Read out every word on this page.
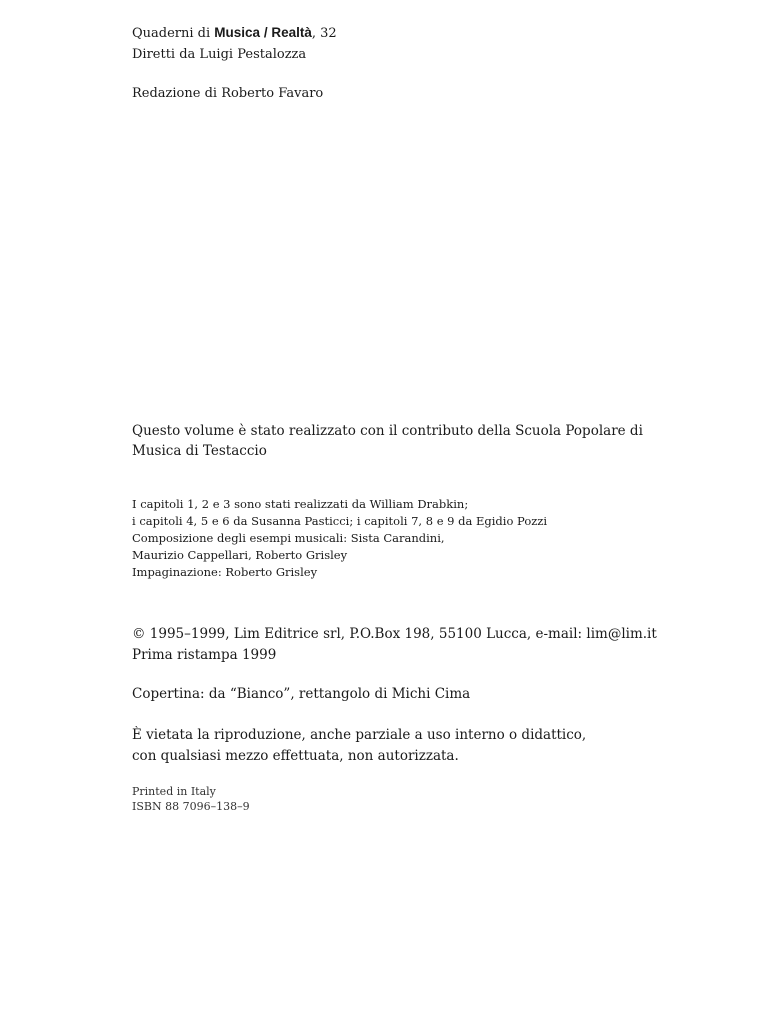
Quaderni di Musica / Realtà, 32
Diretti da Luigi Pestalozza
Redazione di Roberto Favaro
Questo volume è stato realizzato con il contributo della Scuola Popolare di
Musica di Testaccio
I capitoli 1, 2 e 3 sono stati realizzati da William Drabkin;
i capitoli 4, 5 e 6 da Susanna Pasticci; i capitoli 7, 8 e 9 da Egidio Pozzi
Composizione degli esempi musicali: Sista Carandini,
Maurizio Cappellari, Roberto Grisley
Impaginazione: Roberto Grisley
© 1995–1999, Lim Editrice srl, P.O.Box 198, 55100 Lucca, e-mail: lim@lim.it
Prima ristampa 1999
Copertina: da “Bianco”, rettangolo di Michi Cima
È vietata la riproduzione, anche parziale a uso interno o didattico,
con qualsiasi mezzo effettuata, non autorizzata.
Printed in Italy
ISBN 88 7096–138–9
